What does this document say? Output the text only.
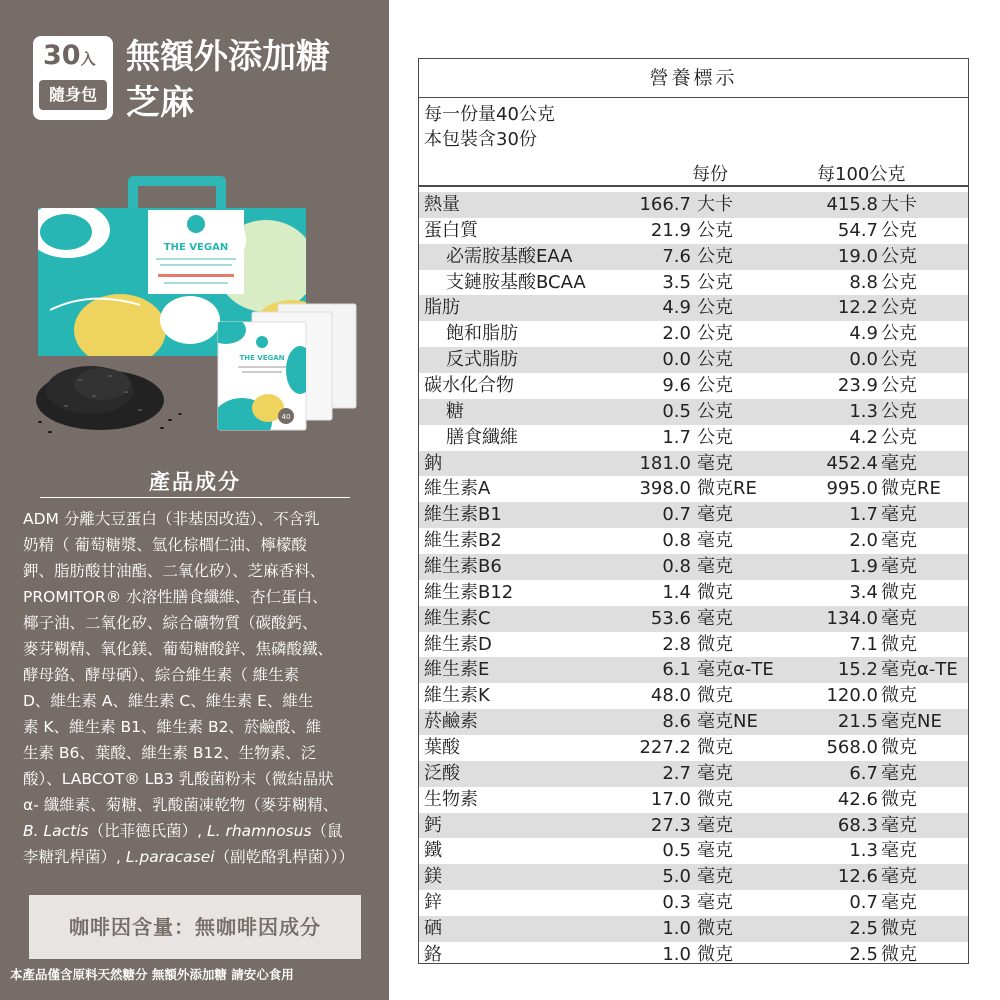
30入
隨身包
無額外添加糖
芝麻
THE VEGAN
THE VEGAN
40
產品成分

ADM 分離大豆蛋白（非基因改造）、不含乳

奶精（ 葡萄糖漿、氫化棕櫚仁油、檸檬酸

鉀、脂肪酸甘油酯、二氧化矽）、芝麻香料、

PROMITOR® 水溶性膳食纖維、杏仁蛋白、

椰子油、二氧化矽、綜合礦物質（碳酸鈣、

麥芽糊精、氧化鎂、葡萄糖酸鋅、焦磷酸鐵、

酵母鉻、酵母硒）、綜合維生素（ 維生素

D、維生素 A、維生素 C、維生素 E、維生

素 K、維生素 B1、維生素 B2、菸鹼酸、維

生素 B6、葉酸、維生素 B12、生物素、泛

酸）、LABCOT® LB3 乳酸菌粉末（微結晶狀

α- 纖維素、菊糖、乳酸菌凍乾物（麥芽糊精、

B. Lactis（比菲德氏菌）, L. rhamnosus（鼠

李糖乳桿菌）, L.paracasei（副乾酪乳桿菌）））

咖啡因含量：無咖啡因成分
本產品僅含原料天然糖分 無額外添加糖 請安心食用
營養標示
每一份量40公克
本包裝含30份
每份	每100公克
熱量	166.7 大卡	415.8 大卡
蛋白質	21.9 公克	54.7 公克
必需胺基酸EAA	7.6 公克	19.0 公克
支鏈胺基酸BCAA	3.5 公克	8.8 公克
脂肪	4.9 公克	12.2 公克
飽和脂肪	2.0 公克	4.9 公克
反式脂肪	0.0 公克	0.0 公克
碳水化合物	9.6 公克	23.9 公克
糖	0.5 公克	1.3 公克
膳食纖維	1.7 公克	4.2 公克
鈉	181.0 毫克	452.4 毫克
維生素A	398.0 微克RE	995.0 微克RE
維生素B1	0.7 毫克	1.7 毫克
維生素B2	0.8 毫克	2.0 毫克
維生素B6	0.8 毫克	1.9 毫克
維生素B12	1.4 微克	3.4 微克
維生素C	53.6 毫克	134.0 毫克
維生素D	2.8 微克	7.1 微克
維生素E	6.1 毫克α-TE	15.2 毫克α-TE
維生素K	48.0 微克	120.0 微克
菸鹼素	8.6 毫克NE	21.5 毫克NE
葉酸	227.2 微克	568.0 微克
泛酸	2.7 毫克	6.7 毫克
生物素	17.0 微克	42.6 微克
鈣	27.3 毫克	68.3 毫克
鐵	0.5 毫克	1.3 毫克
鎂	5.0 毫克	12.6 毫克
鋅	0.3 毫克	0.7 毫克
硒	1.0 微克	2.5 微克
鉻	1.0 微克	2.5 微克
